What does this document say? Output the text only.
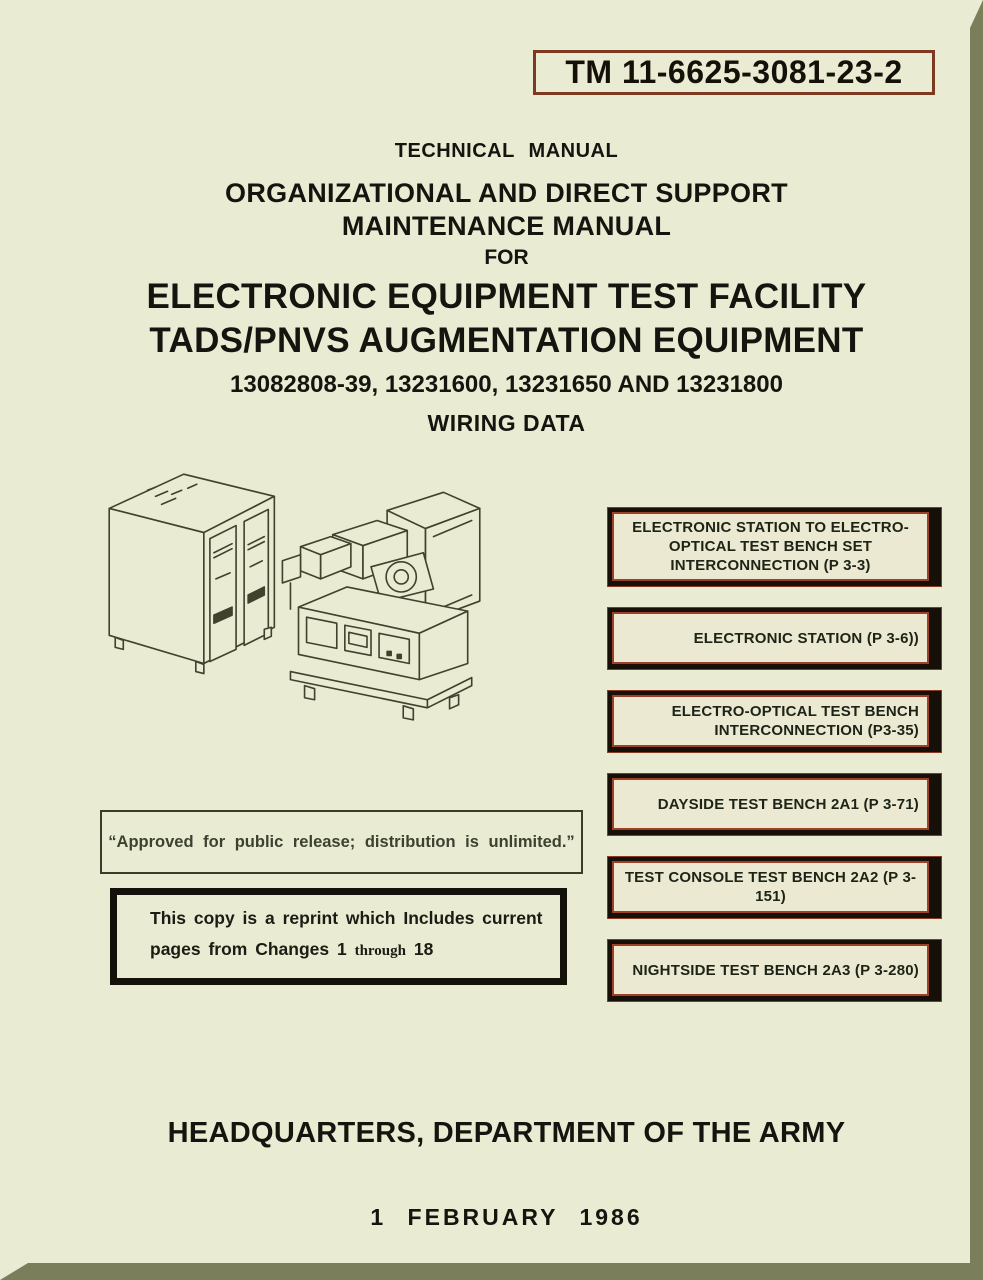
TM 11-6625-3081-23-2
TECHNICAL MANUAL
ORGANIZATIONAL AND DIRECT SUPPORT
MAINTENANCE MANUAL
FOR
ELECTRONIC EQUIPMENT TEST FACILITY
TADS/PNVS AUGMENTATION EQUIPMENT
13082808-39, 13231600, 13231650 AND 13231800
WIRING DATA
ELECTRONIC STATION TO ELECTRO-OPTICAL TEST BENCH SET INTERCONNECTION (P 3-3)
ELECTRONIC STATION (P 3-6))
ELECTRO-OPTICAL TEST BENCH INTERCONNECTION (P3-35)
DAYSIDE TEST BENCH 2A1 (P 3-71)
TEST CONSOLE TEST BENCH 2A2 (P 3-151)
NIGHTSIDE TEST BENCH 2A3 (P 3-280)
“Approved for public release; distribution is unlimited.”
This copy is a reprint which Includes current
pages from Changes 1 through 18
HEADQUARTERS, DEPARTMENT OF THE ARMY
1 FEBRUARY 1986
